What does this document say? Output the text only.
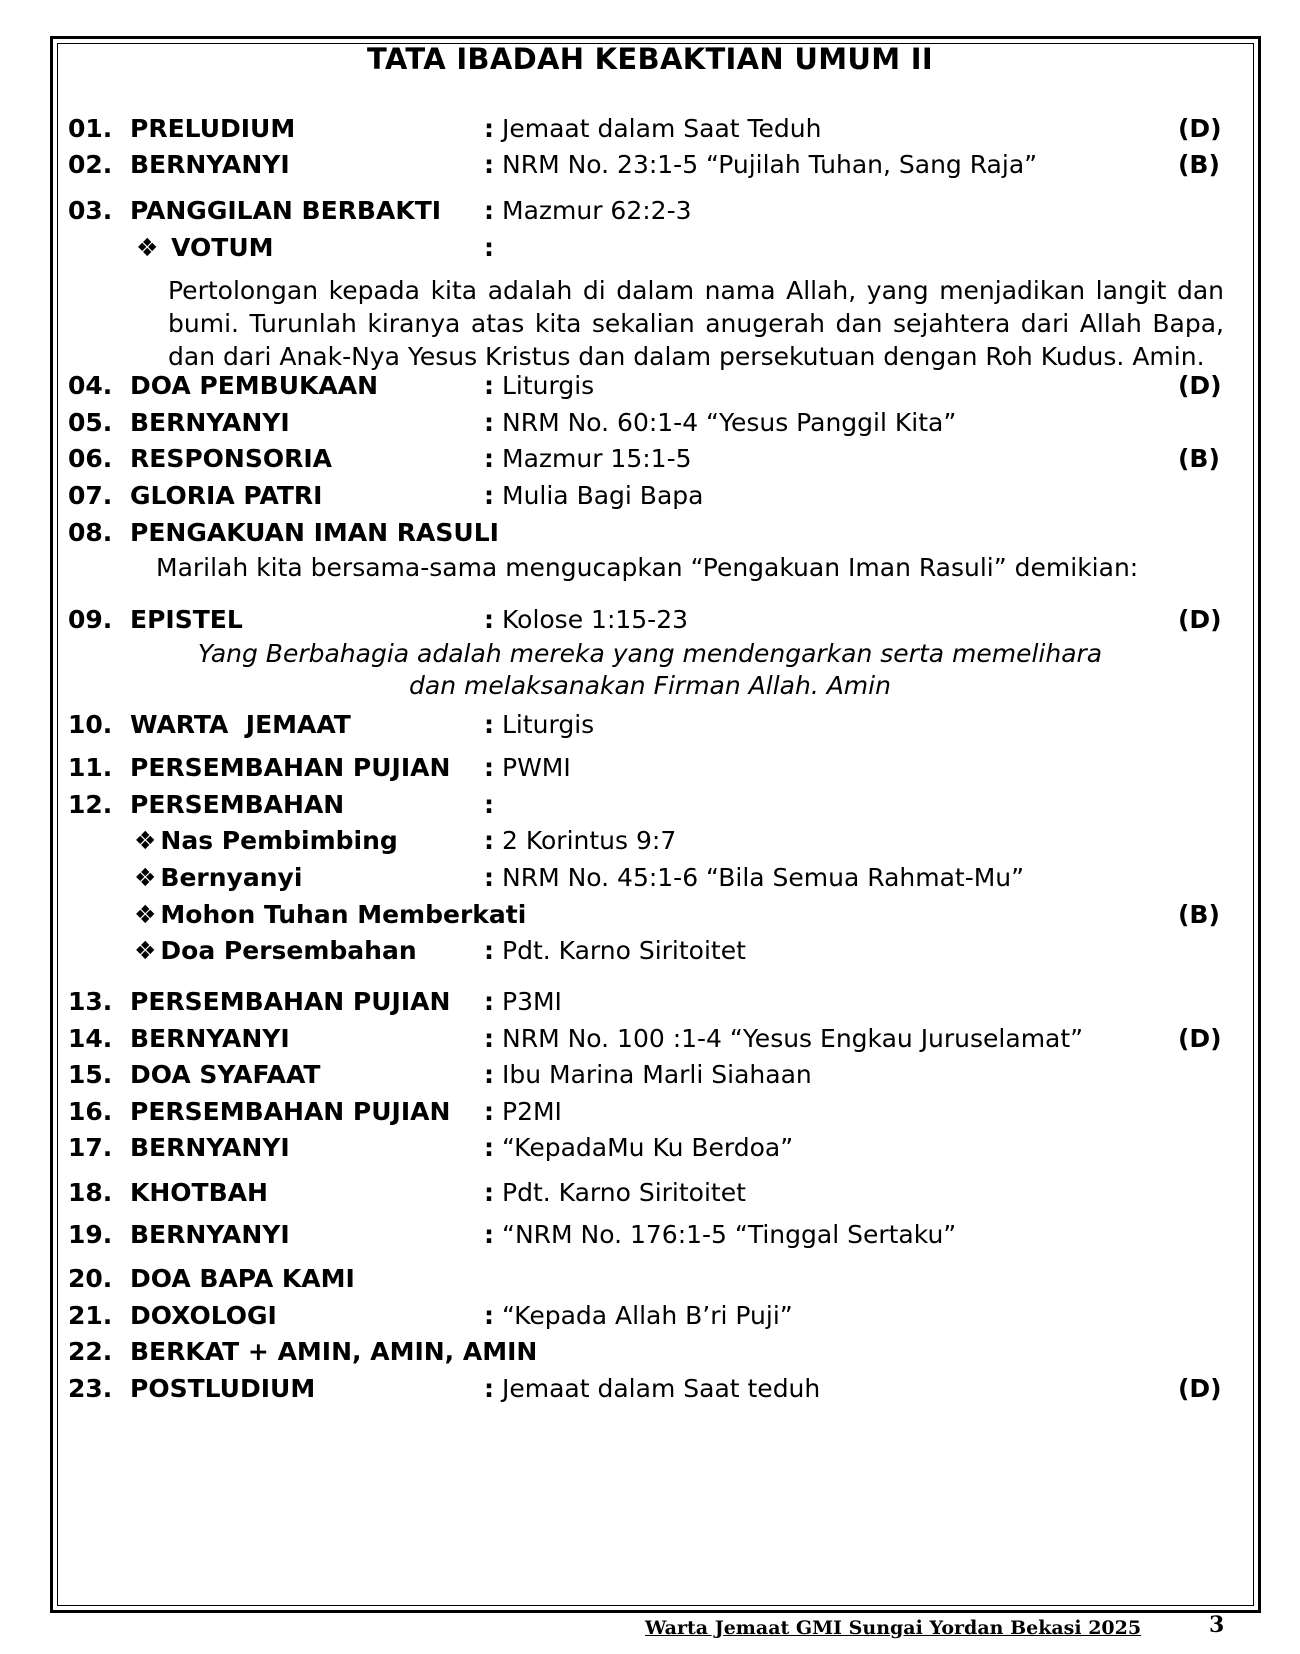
TATA IBADAH KEBAKTIAN UMUM II
01. PRELUDIUM	: Jemaat dalam Saat Teduh	(D)
02. BERNYANYI	: NRM No. 23:1-5 “Pujilah Tuhan, Sang Raja”	(B)
03. PANGGILAN BERBAKTI : Mazmur 62:2-3
❖ VOTUM	:
Pertolongan kepada kita adalah di dalam nama Allah, yang menjadikan langit dan
bumi. Turunlah kiranya atas kita sekalian anugerah dan sejahtera dari Allah Bapa,
dan dari Anak-Nya Yesus Kristus dan dalam persekutuan dengan Roh Kudus. Amin.
04. DOA PEMBUKAAN	: Liturgis	(D)
05. BERNYANYI	: NRM No. 60:1-4 “Yesus Panggil Kita”
06. RESPONSORIA	: Mazmur 15:1-5	(B)
07. GLORIA PATRI	: Mulia Bagi Bapa
08. PENGAKUAN IMAN RASULI
Marilah kita bersama-sama mengucapkan “Pengakuan Iman Rasuli” demikian:
09. EPISTEL	: Kolose 1:15-23	(D)
Yang Berbahagia adalah mereka yang mendengarkan serta memelihara
dan melaksanakan Firman Allah. Amin
10. WARTA  JEMAAT	: Liturgis
11. PERSEMBAHAN PUJIAN : PWMI
12. PERSEMBAHAN	:
❖ Nas Pembimbing	: 2 Korintus 9:7
❖ Bernyanyi	: NRM No. 45:1-6 “Bila Semua Rahmat-Mu”
❖ Mohon Tuhan Memberkati	(B)
❖ Doa Persembahan	: Pdt. Karno Siritoitet
13. PERSEMBAHAN PUJIAN : P3MI
14. BERNYANYI	: NRM No. 100 :1-4 “Yesus Engkau Juruselamat”	(D)
15. DOA SYAFAAT	: Ibu Marina Marli Siahaan
16. PERSEMBAHAN PUJIAN : P2MI
17. BERNYANYI	: “KepadaMu Ku Berdoa”
18. KHOTBAH	: Pdt. Karno Siritoitet
19. BERNYANYI	: “NRM No. 176:1-5 “Tinggal Sertaku”
20. DOA BAPA KAMI
21. DOXOLOGI	: “Kepada Allah B’ri Puji”
22. BERKAT + AMIN, AMIN, AMIN
23. POSTLUDIUM	: Jemaat dalam Saat teduh	(D)
Warta Jemaat GMI Sungai Yordan Bekasi 2025	3
